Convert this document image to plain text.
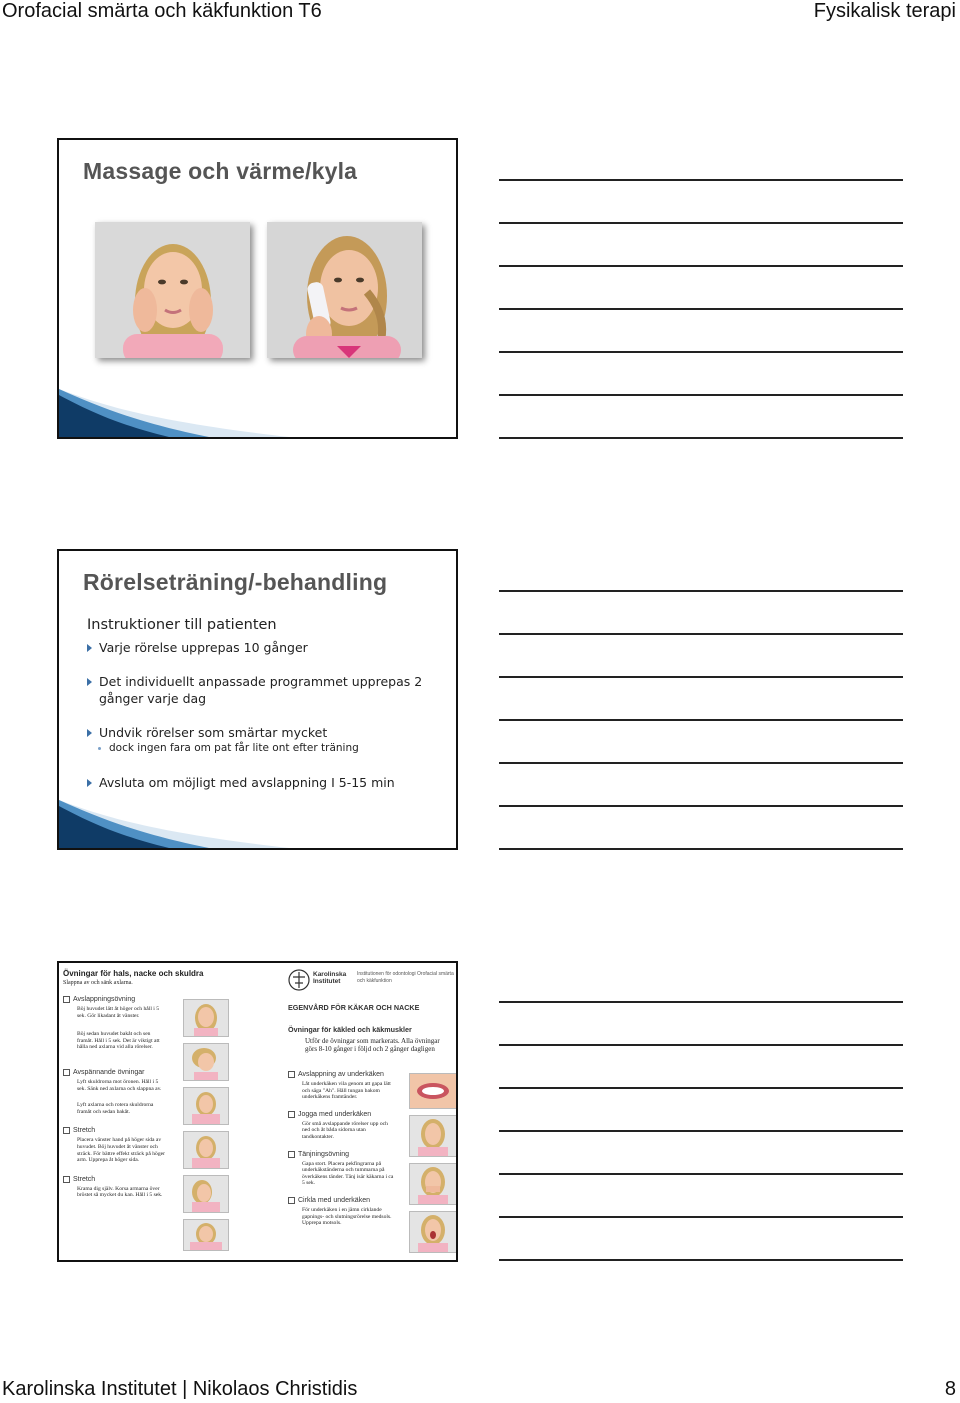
Orofacial smärta och käkfunktion T6	Fysikalisk terapi
Massage och värme/kyla
Rörelseträning/-behandling
Instruktioner till patienten
Varje rörelse upprepas 10 gånger
Det individuellt anpassade programmet upprepas 2 gånger varje dag
Undvik rörelser som smärtar mycket
dock ingen fara om pat får lite ont efter träning
Avsluta om möjligt med avslappning I 5-15 min
Övningar för hals, nacke och skuldra
Slappna av och sänk axlarna.
Avslappningsövning
Böj huvudet lätt åt höger och håll i 5 sek. Gör likadant åt vänster.
Böj sedan huvudet bakåt och sen framåt. Håll i 5 sek. Det är viktigt att hålla ned axlarna vid alla rörelser.
Avspännande övningar
Lyft skuldrorna mot öronen. Håll i 5 sek. Sänk ned axlarna och slappna av.
Lyft axlarna och rotera skuldrorna framåt och sedan bakåt.
Stretch
Placera vänster hand på höger sida av huvudet. Böj huvudet åt vänster och sträck. För bättre effekt sträck på höger arm. Upprepa åt höger sida.
Stretch
Krama dig själv. Korsa armarna över bröstet så mycket du kan. Håll i 5 sek.
Karolinska Institutet
Institutionen för odontologi Orofacial smärta och käkfunktion
EGENVÅRD FÖR KÄKAR OCH NACKE
Övningar för käkled och käkmuskler
Utför de övningar som markerats. Alla övningar görs 8-10 gånger i följd och 2 gånger dagligen
Avslappning av underkäken
Låt underkäken vila genom att gapa lätt och säga "Ah". Håll tungan bakom underkäkens framtänder.
Jogga med underkäken
Gör små avslappande rörelser upp och ned och åt båda sidorna utan tandkontakter.
Tänjningsövning
Gapa stort. Placera pekfingrarna på underkäkständerna och tummarna på överkäkens tänder. Tänj isär käkarna i ca 5 sek.
Cirkla med underkäken
För underkäken i en jämn cirklande gapnings- och slutningsrörelse medsols. Upprepa motsols.
Karolinska Institutet | Nikolaos Christidis	8
